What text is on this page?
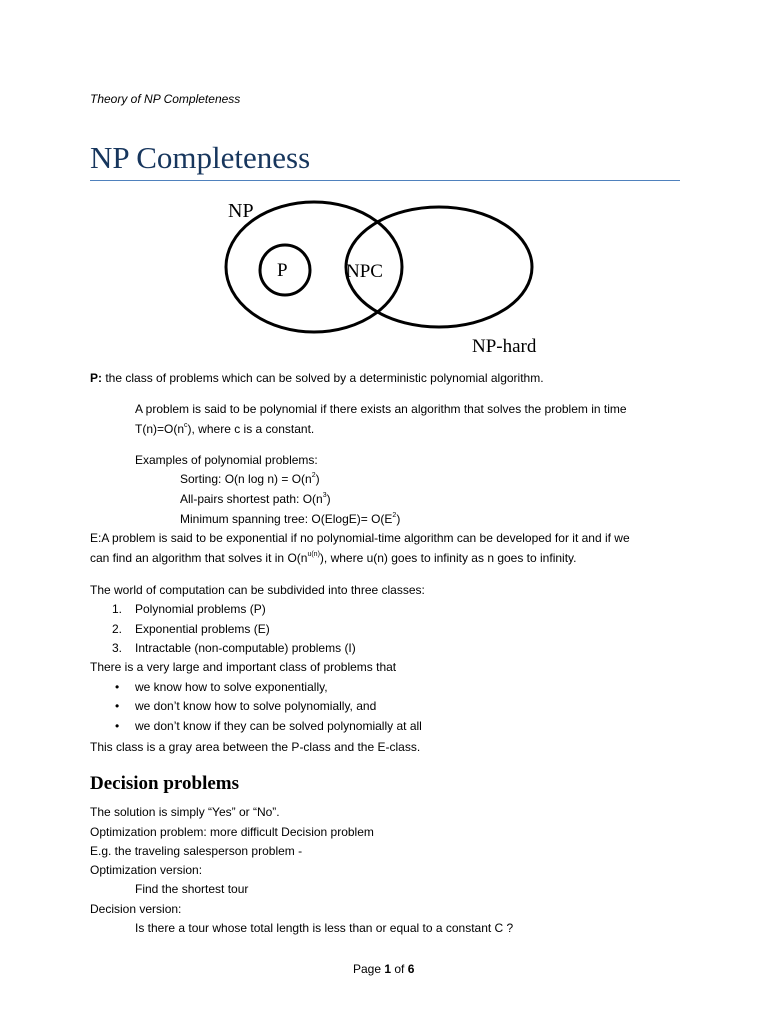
Theory of NP Completeness
NP Completeness
NP
P	NPC
NP-hard
P: the class of problems which can be solved by a deterministic polynomial algorithm.
A problem is said to be polynomial if there exists an algorithm that solves the problem in time
$T(n)=O(n^c)$, where c is a constant.
Examples of polynomial problems:
Sorting: O(n $\log n) = O(n^2)$
All-pairs shortest path: $O(n^3)$
Minimum spanning tree: $O(ElogE)= O(E^2)$
E:A problem is said to be exponential if no polynomial-time algorithm can be developed for it and if we
can find an algorithm that solves it in $O(n^{u(n)})$, where u(n) goes to infinity as n goes to infinity.
The world of computation can be subdivided into three classes:
1. Polynomial problems (P)
2. Exponential problems (E)
3. Intractable (non-computable) problems (I)
There is a very large and important class of problems that
• we know how to solve exponentially,
• we don’t know how to solve polynomially, and
• we don’t know if they can be solved polynomially at all
This class is a gray area between the P-class and the E-class.
Decision problems
The solution is simply “Yes” or “No”.
Optimization problem: more difficult Decision problem
E.g. the traveling salesperson problem -
Optimization version:
Find the shortest tour
Decision version:
Is there a tour whose total length is less than or equal to a constant C ?
Page 1 of 6
